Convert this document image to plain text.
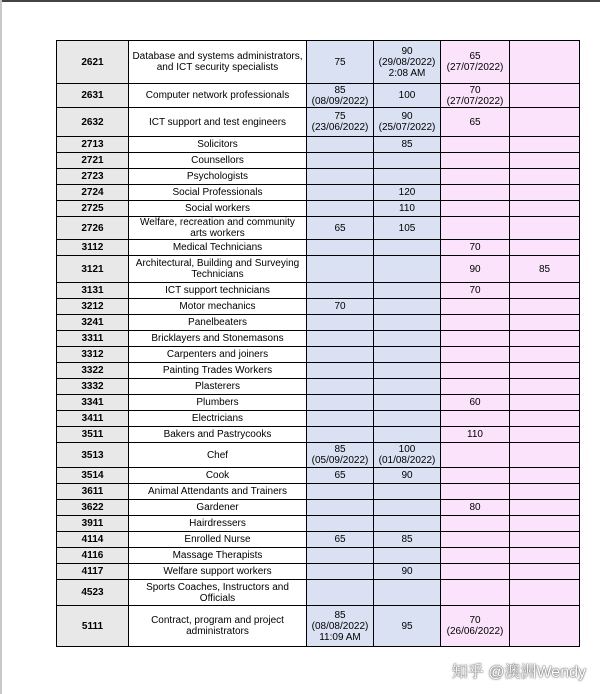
2621	Database and systems administrators, and ICT security specialists	75	90 (29/08/2022) 2:08 AM	65 (27/07/2022)	
2631	Computer network professionals	85 (08/09/2022)	100	70 (27/07/2022)	
2632	ICT support and test engineers	75 (23/06/2022)	90 (25/07/2022)	65	
2713	Solicitors		85		
2721	Counsellors				
2723	Psychologists				
2724	Social Professionals		120		
2725	Social workers		110		
2726	Welfare, recreation and community arts workers	65	105		
3112	Medical Technicians			70	
3121	Architectural, Building and Surveying Technicians			90	85
3131	ICT support technicians			70	
3212	Motor mechanics	70			
3241	Panelbeaters				
3311	Bricklayers and Stonemasons				
3312	Carpenters and joiners				
3322	Painting Trades Workers				
3332	Plasterers				
3341	Plumbers			60	
3411	Electricians				
3511	Bakers and Pastrycooks			110	
3513	Chef	85 (05/09/2022)	100 (01/08/2022)		
3514	Cook	65	90		
3611	Animal Attendants and Trainers				
3622	Gardener			80	
3911	Hairdressers				
4114	Enrolled Nurse	65	85		
4116	Massage Therapists				
4117	Welfare support workers		90		
4523	Sports Coaches, Instructors and Officials				
5111	Contract, program and project administrators	85 (08/08/2022) 11:09 AM	95	70 (26/06/2022)	
知乎 @澳洲Wendy
